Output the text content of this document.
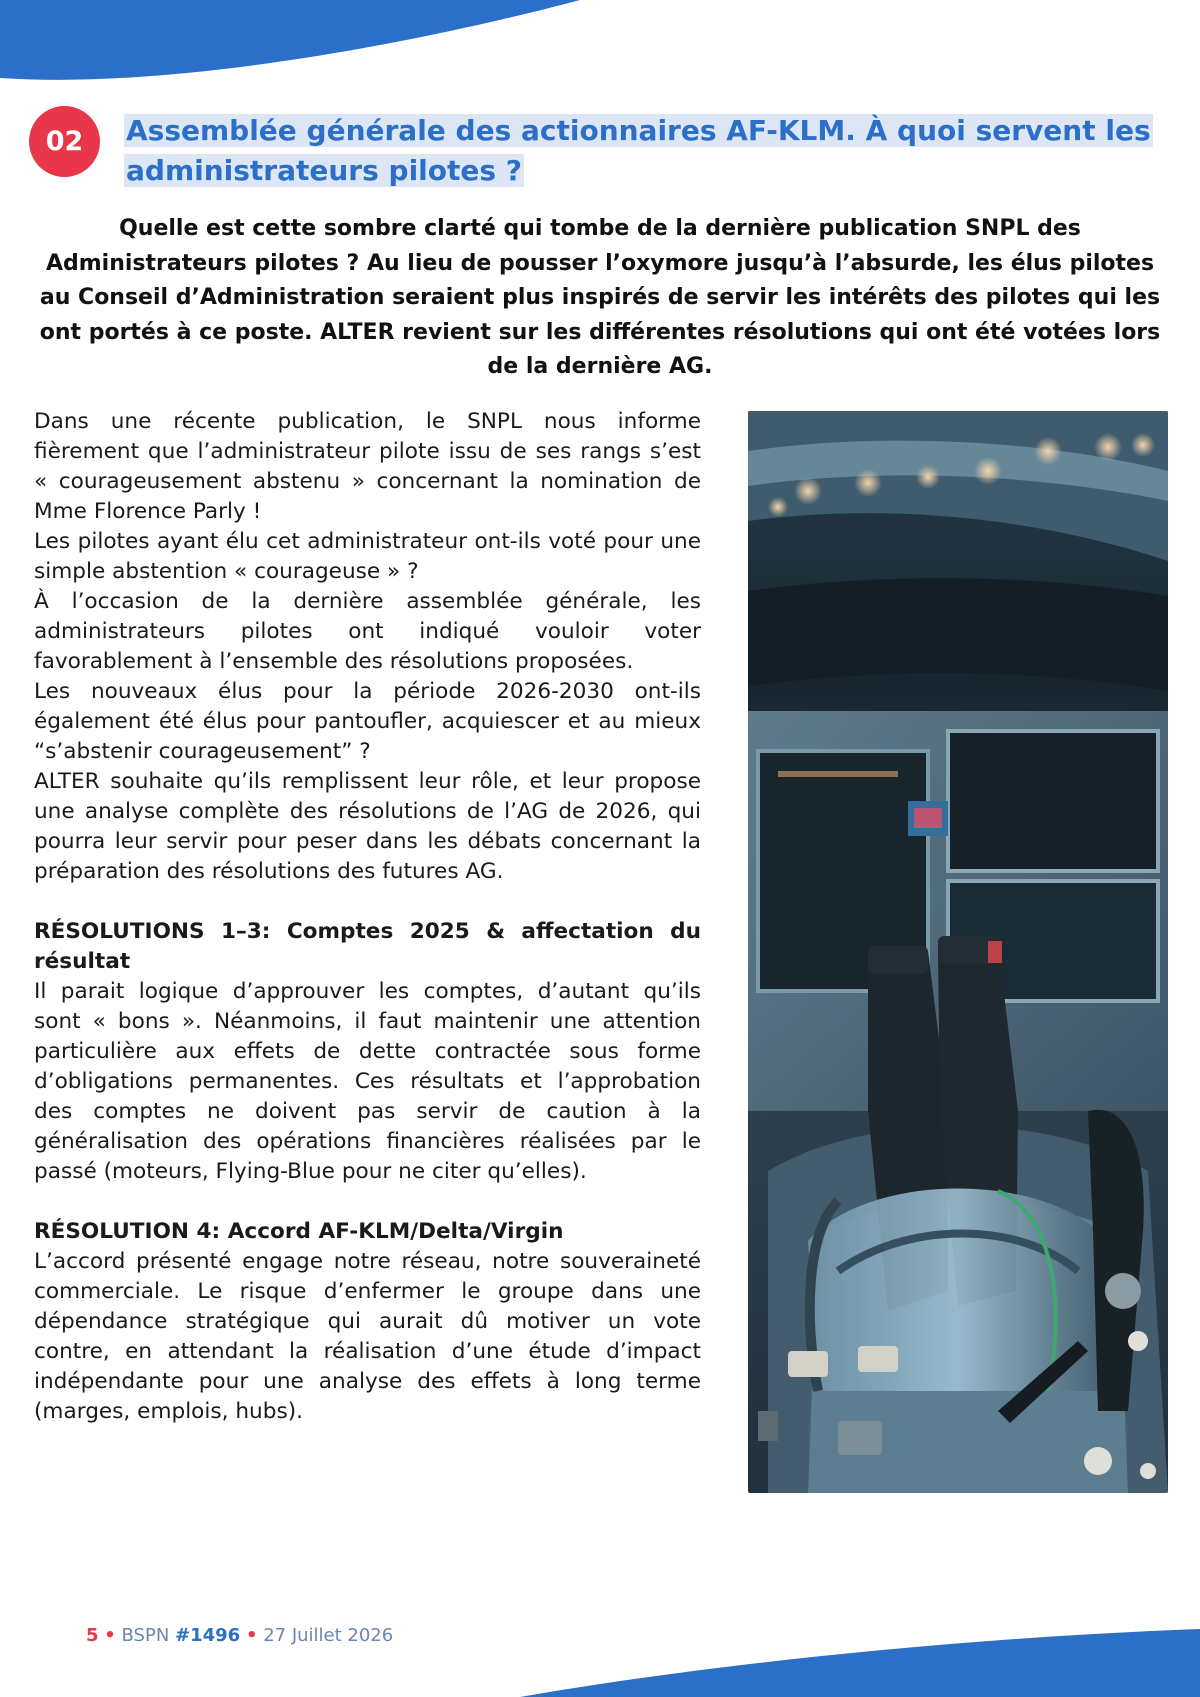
02 Assemblée générale des actionnaires AF-KLM. À quoi servent les administrateurs pilotes ?

Quelle est cette sombre clarté qui tombe de la dernière publication SNPL des Administrateurs pilotes ? Au lieu de pousser l’oxymore jusqu’à l’absurde, les élus pilotes au Conseil d’Administration seraient plus inspirés de servir les intérêts des pilotes qui les ont portés à ce poste. ALTER revient sur les différentes résolutions qui ont été votées lors de la dernière AG.

Dans une récente publication, le SNPL nous informe fièrement que l’administrateur pilote issu de ses rangs s’est « courageusement abstenu » concernant la nomination de Mme Florence Parly !

Les pilotes ayant élu cet administrateur ont-ils voté pour une simple abstention « courageuse » ?

À l’occasion de la dernière assemblée générale, les administrateurs pilotes ont indiqué vouloir voter favorablement à l’ensemble des résolutions proposées.

Les nouveaux élus pour la période 2026-2030 ont-ils également été élus pour pantoufler, acquiescer et au mieux “s’abstenir courageusement” ?

ALTER souhaite qu’ils remplissent leur rôle, et leur propose une analyse complète des résolutions de l’AG de 2026, qui pourra leur servir pour peser dans les débats concernant la préparation des résolutions des futures AG.

RÉSOLUTIONS 1–3: Comptes 2025 & affectation du résultat

Il parait logique d’approuver les comptes, d’autant qu’ils sont « bons ». Néanmoins, il faut maintenir une attention particulière aux effets de dette contractée sous forme d’obligations permanentes. Ces résultats et l’approbation des comptes ne doivent pas servir de caution à la généralisation des opérations financières réalisées par le passé (moteurs, Flying-Blue pour ne citer qu’elles).

RÉSOLUTION 4: Accord AF-KLM/Delta/Virgin

L’accord présenté engage notre réseau, notre souveraineté commerciale. Le risque d’enfermer le groupe dans une dépendance stratégique qui aurait dû motiver un vote contre, en attendant la réalisation d’une étude d’impact indépendante pour une analyse des effets à long terme (marges, emplois, hubs).

5 • BSPN #1496 • 27 Juillet 2026
